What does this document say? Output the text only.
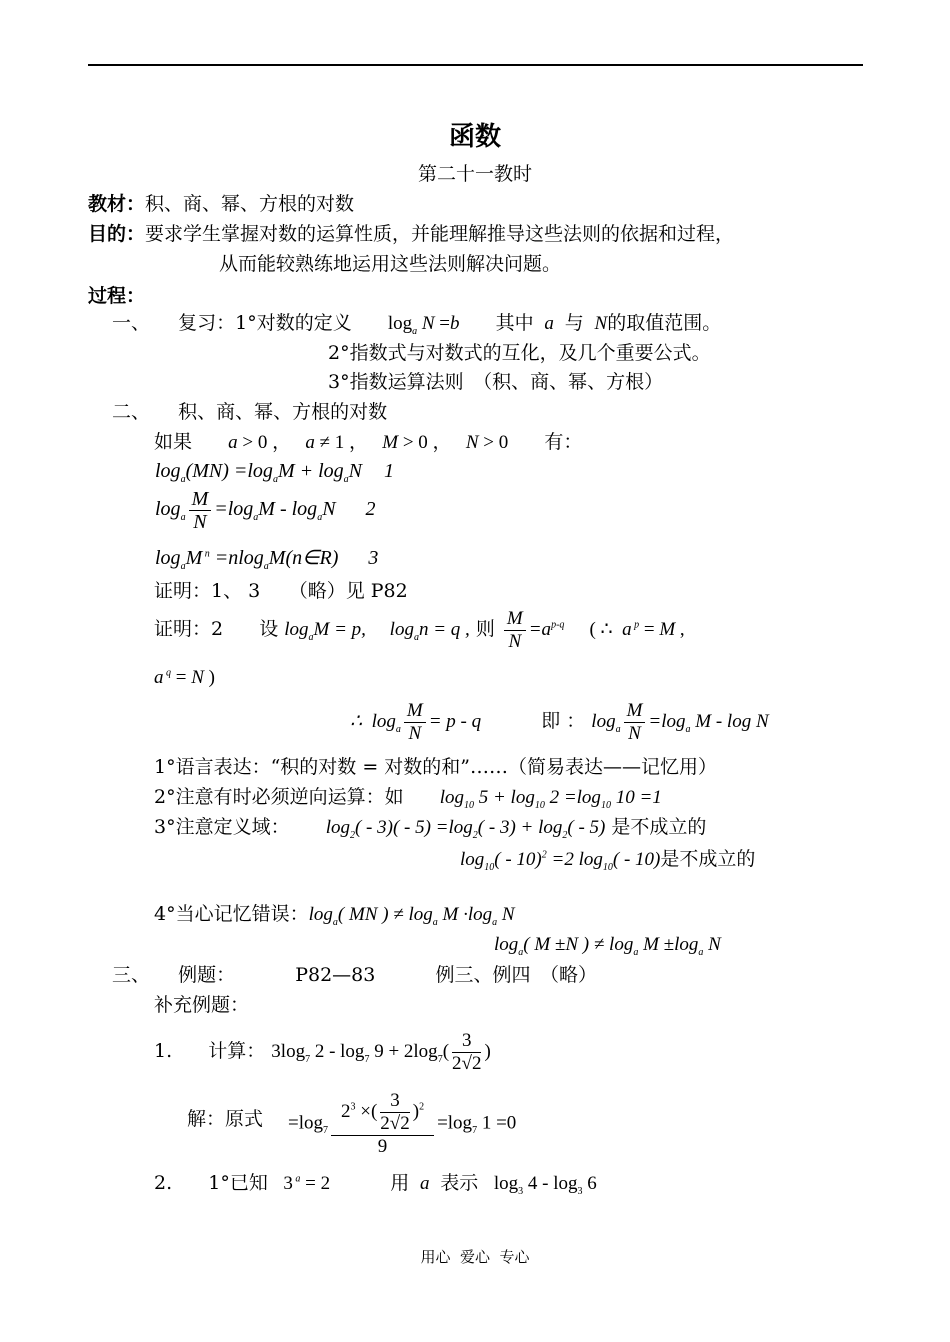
函数
第二十一教时
教材：积、商、幂、方根的对数
目的：要求学生掌握对数的运算性质，并能理解推导这些法则的依据和过程，
从而能较熟练地运用这些法则解决问题。
过程：
一、 复习：1°对数的定义 $\log_a N =b$ 其中  a  与  N的取值范围。
2°指数式与对数式的互化，及几个重要公式。
3°指数运算法则　（积、商、幂、方根）
二、 积、商、幂、方根的对数
如果 a > 0 ，   a ≠ 1 ，   M > 0 ，   N > 0 有：
$\log_a(MN) =\log_aM + \log_aN$ 1
$\log_a \frac{M}{N} =\log_aM - \log_aN$ 2
$\log_aM$ $^n$ =nlog$_a$M(n∈R) 3
证明：1、 3　　（略）见 P82
证明：2 设 $\log_aM = p$,     $\log_an = q$ , 则 $\frac{M}{N} =a^{p-q}$     ( ∴  a $^p$ = M ,
a $^q$ = N )
∴  $\log_a \frac{M}{N} = p - q$	即 ： $\log_a \frac{M}{N} =\log_a$ M - log N
1°语言表达：“积的对数 = 对数的和”……（简易表达——记忆用）
2°注意有时必须逆向运算：如 $\log_{10} 5 + \log_{10} 2 =\log_{10}$ 10 =1
3°注意定义域： $\log_2( - 3)( - 5) =\log_2( - 3) + \log_2( - 5)$ 是不成立的
$\log_{10}( - 10)^2 =2$ $\log_{10}( - 10)$是不成立的
4°当心记忆错误：$\log_a$( MN ) ≠ $\log_a M \cdot\log_a$ N
$\log_a$( M ±N ) ≠ $\log_a M \pm\log_a$ N
三、 例题：	P82—83	例三、例四　（略）
补充例题：
1. 计算： $3\log_7$ $2 - \log_7 9 + 2\log_7( \frac{3}{2√2}$ )
解：原式 $=\log_7 \frac{2^3 \times( \frac{3}{2√2} )^2}{9} =\log_7$ 1 =0
2. 1°已知   3 $^a$ = 2	用  a  表示   $\log_3 4 - \log_3 6$
用心  爱心  专心
